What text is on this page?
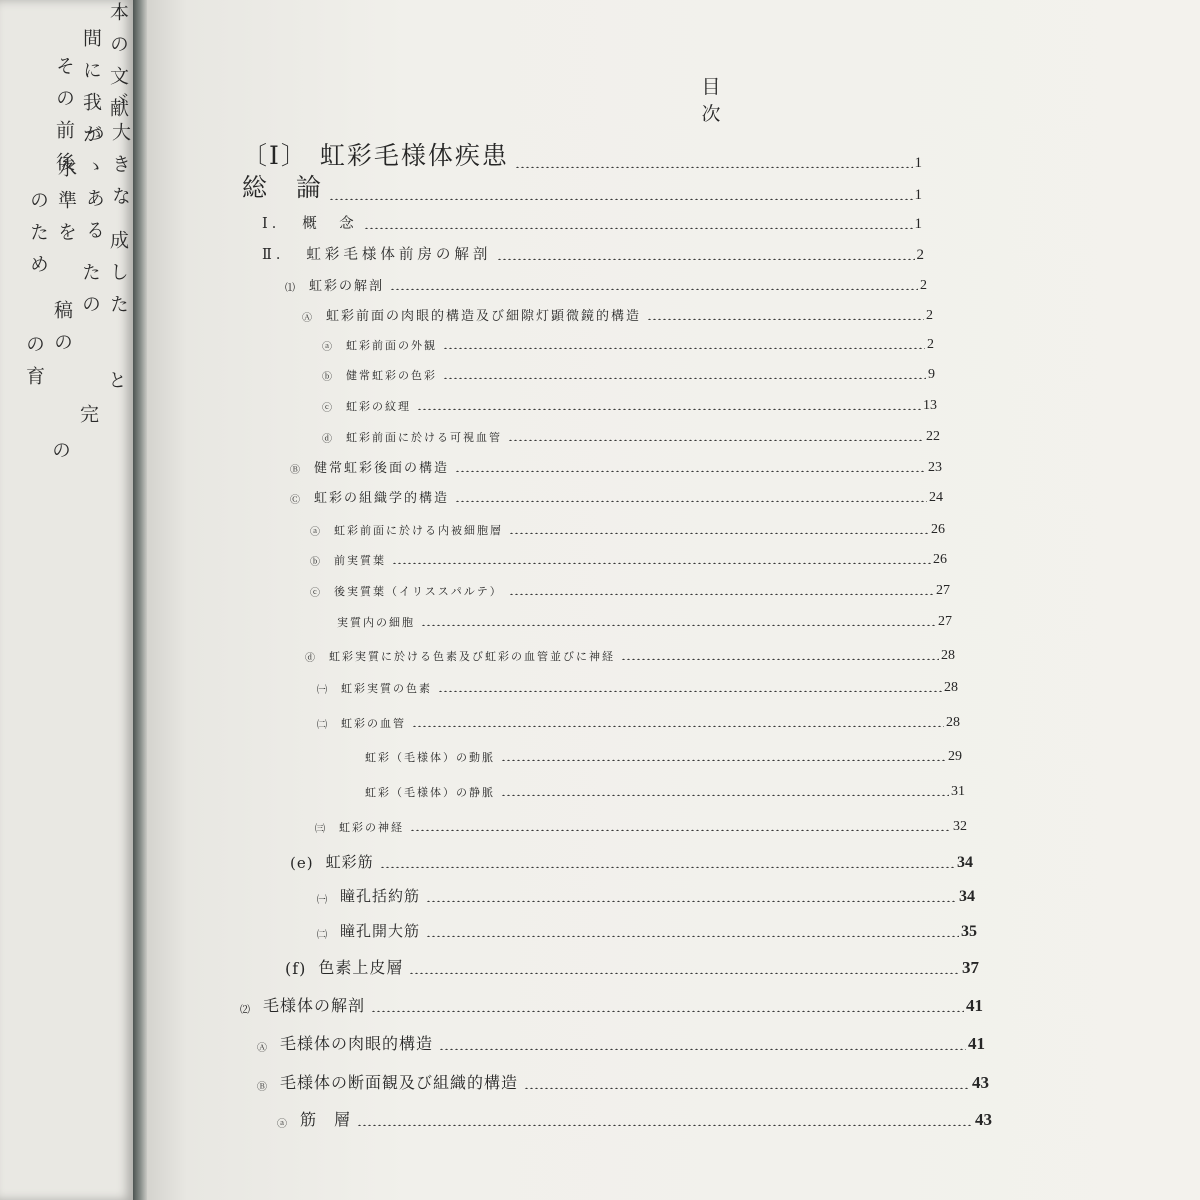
本の文献
間に我が
その前後 ゞ大きな
つゝある
水準を
のため	成した
たの
稿の
の育	と
完
の
目　次
〔Ⅰ〕 虹彩毛様体疾患	1
総　論	1
Ⅰ． 概　念	1
Ⅱ． 虹彩毛様体前房の解剖	2
⑴ 虹彩の解剖	2
Ⓐ 虹彩前面の肉眼的構造及び細隙灯顕微鏡的構造	2
ⓐ 虹彩前面の外観	2
ⓑ 健常虹彩の色彩	9
ⓒ 虹彩の紋理	13
ⓓ 虹彩前面に於ける可視血管	22
Ⓑ 健常虹彩後面の構造	23
Ⓒ 虹彩の組織学的構造	24
ⓐ 虹彩前面に於ける内被細胞層	26
ⓑ 前実質葉	26
ⓒ 後実質葉（イリススパルテ）	27
実質内の細胞	27
ⓓ 虹彩実質に於ける色素及び虹彩の血管並びに神経	28
㈠ 虹彩実質の色素	28
㈡ 虹彩の血管	28
虹彩（毛様体）の動脈	29
虹彩（毛様体）の静脈	31
㈢ 虹彩の神経	32
(e) 虹彩筋	34
㈠ 瞳孔括約筋	34
㈡ 瞳孔開大筋	35
(f) 色素上皮層	37
⑵ 毛様体の解剖	41
Ⓐ 毛様体の肉眼的構造	41
Ⓑ 毛様体の断面観及び組織的構造	43
ⓐ 筋　層	43
